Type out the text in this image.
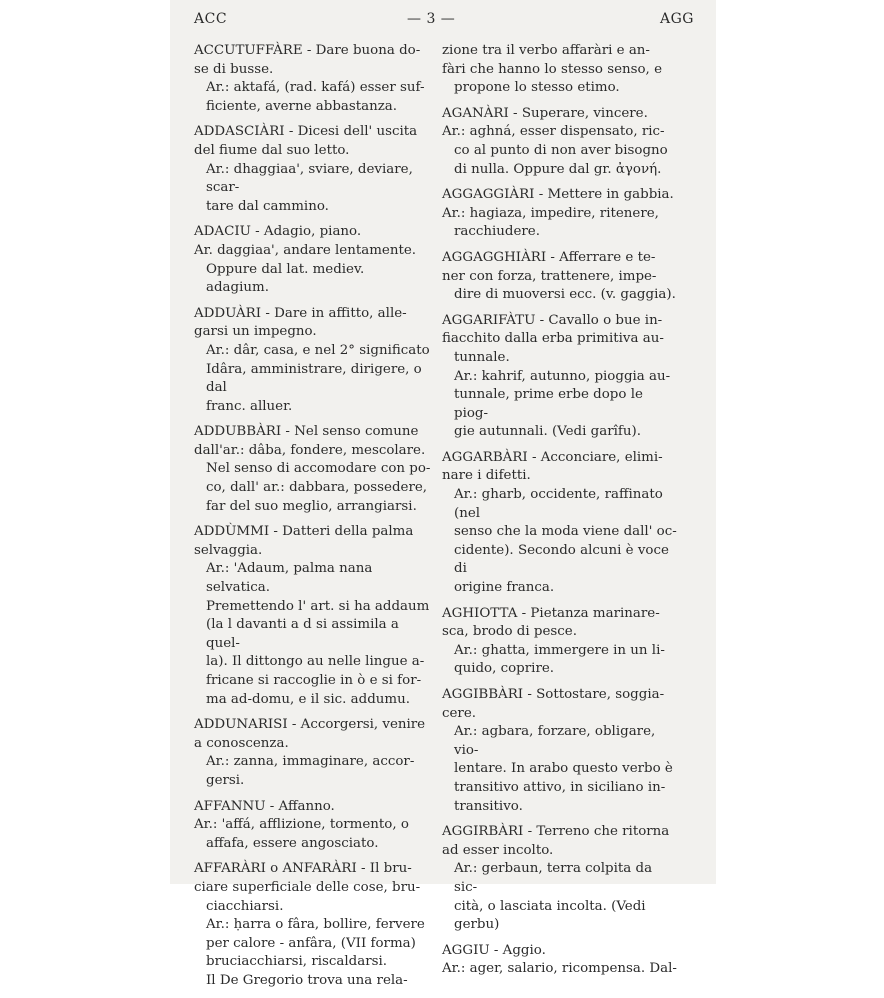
ACC	— 3 —	AGG
ACCUTUFFÀRE - Dare buona do-
se di busse.
Ar.: aktafá, (rad. kafá) esser suf-
ficiente, averne abbastanza.
ADDASCIÀRI - Dicesi dell' uscita
del fiume dal suo letto.
Ar.: dhaggiaa', sviare, deviare, scar-
tare dal cammino.
ADACIU - Adagio, piano.
Ar. daggiaa', andare lentamente.
Oppure dal lat. mediev. adagium.
ADDUÀRI - Dare in affitto, alle-
garsi un impegno.
Ar.: dâr, casa, e nel 2° significato
Idâra, amministrare, dirigere, o dal
franc. alluer.
ADDUBBÀRI - Nel senso comune
dall'ar.: dâba, fondere, mescolare.
Nel senso di accomodare con po-
co, dall' ar.: dabbara, possedere,
far del suo meglio, arrangiarsi.
ADDÙMMI - Datteri della palma
selvaggia.
Ar.: 'Adaum, palma nana selvatica.
Premettendo l' art. si ha addaum
(la l davanti a d si assimila a quel-
la). Il dittongo au nelle lingue a-
fricane si raccoglie in ò e si for-
ma ad-domu, e il sic. addumu.
ADDUNARISI - Accorgersi, venire
a conoscenza.
Ar.: zanna, immaginare, accor-
gersi.
AFFANNU - Affanno.
Ar.: 'affá, afflizione, tormento, o
affafa, essere angosciato.
AFFARÀRI o ANFARÀRI - Il bru-
ciare superficiale delle cose, bru-
ciacchiarsi.
Ar.: ḥarra o fâra, bollire, fervere
per calore - anfâra, (VII forma)
bruciacchiarsi, riscaldarsi.
Il De Gregorio trova una rela-
zione tra il verbo affaràri e an-
fàri che hanno lo stesso senso, e
propone lo stesso etimo.
AGANÀRI - Superare, vincere.
Ar.: aghná, esser dispensato, ric-
co al punto di non aver bisogno
di nulla. Oppure dal gr. ἀγονή.
AGGAGGIÀRI - Mettere in gabbia.
Ar.: hagiaza, impedire, ritenere,
racchiudere.
AGGAGGHIÀRI - Afferrare e te-
ner con forza, trattenere, impe-
dire di muoversi ecc. (v. gaggia).
AGGARIFÀTU - Cavallo o bue in-
fiacchito dalla erba primitiva au-
tunnale.
Ar.: kahrif, autunno, pioggia au-
tunnale, prime erbe dopo le piog-
gie autunnali. (Vedi garîfu).
AGGARBÀRI - Acconciare, elimi-
nare i difetti.
Ar.: gharb, occidente, raffinato (nel
senso che la moda viene dall' oc-
cidente). Secondo alcuni è voce di
origine franca.
AGHIOTTA - Pietanza marinare-
sca, brodo di pesce.
Ar.: ghatta, immergere in un li-
quido, coprire.
AGGIBBÀRI - Sottostare, soggia-
cere.
Ar.: agbara, forzare, obligare, vio-
lentare. In arabo questo verbo è
transitivo attivo, in siciliano in-
transitivo.
AGGIRBÀRI - Terreno che ritorna
ad esser incolto.
Ar.: gerbaun, terra colpita da sic-
cità, o lasciata incolta. (Vedi gerbu)
AGGIU - Aggio.
Ar.: ager, salario, ricompensa. Dal-
